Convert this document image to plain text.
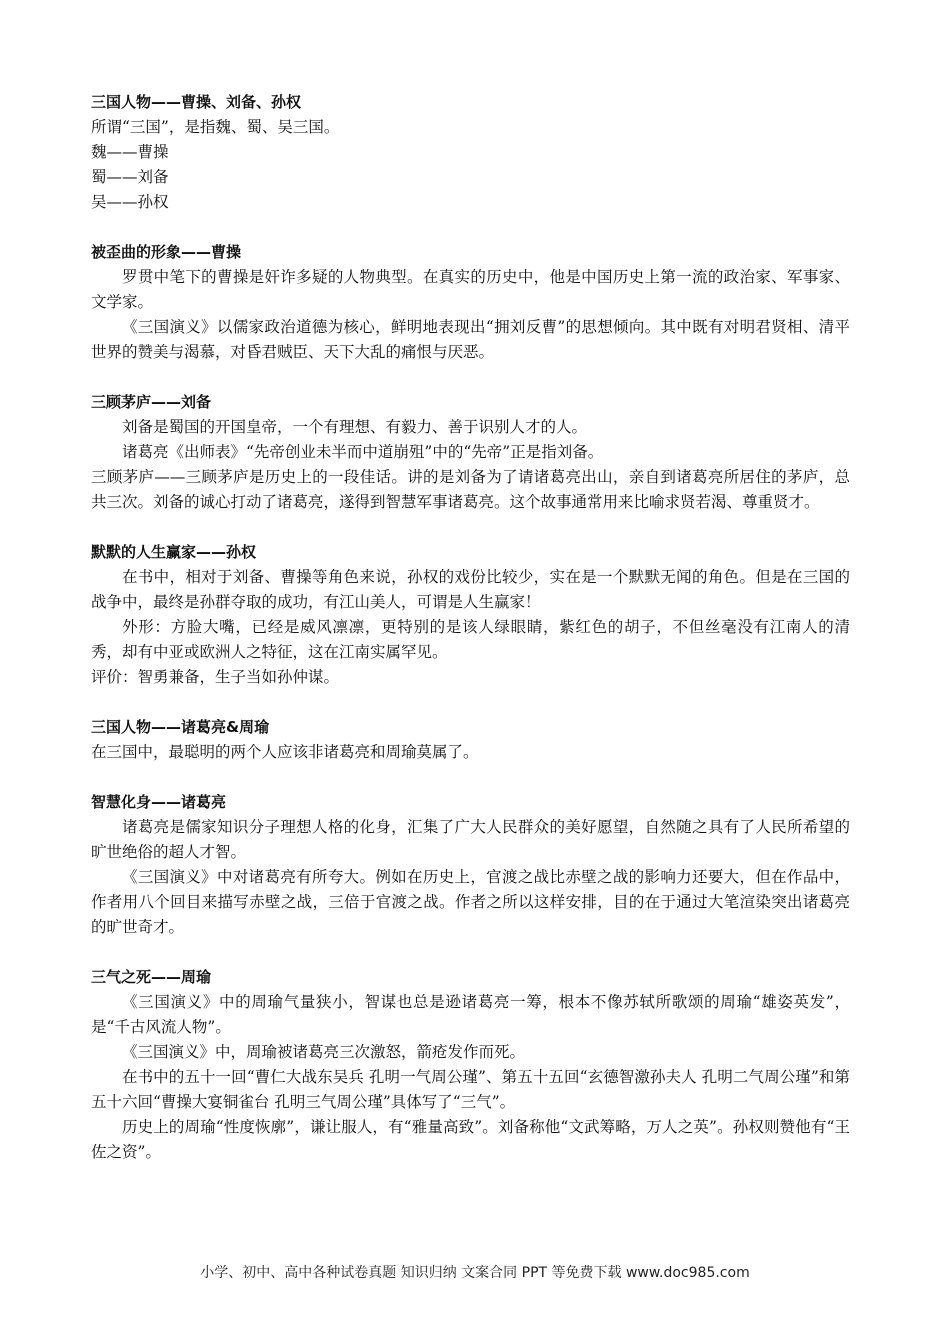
三国人物——曹操、刘备、孙权

所谓“三国”，是指魏、蜀、吴三国。

魏——曹操

蜀——刘备

吴——孙权

被歪曲的形象——曹操

罗贯中笔下的曹操是奸诈多疑的人物典型。在真实的历史中，他是中国历史上第一流的政治家、军事家、文学家。

《三国演义》以儒家政治道德为核心，鲜明地表现出“拥刘反曹”的思想倾向。其中既有对明君贤相、清平世界的赞美与渴慕，对昏君贼臣、天下大乱的痛恨与厌恶。

三顾茅庐——刘备

刘备是蜀国的开国皇帝，一个有理想、有毅力、善于识别人才的人。

诸葛亮《出师表》“先帝创业未半而中道崩殂”中的“先帝”正是指刘备。

三顾茅庐——三顾茅庐是历史上的一段佳话。讲的是刘备为了请诸葛亮出山，亲自到诸葛亮所居住的茅庐，总共三次。刘备的诚心打动了诸葛亮，遂得到智慧军事诸葛亮。这个故事通常用来比喻求贤若渴、尊重贤才。

默默的人生赢家——孙权

在书中，相对于刘备、曹操等角色来说，孙权的戏份比较少，实在是一个默默无闻的角色。但是在三国的战争中，最终是孙群夺取的成功，有江山美人，可谓是人生赢家！

外形：方脸大嘴，已经是威风凛凛，更特别的是该人绿眼睛，紫红色的胡子，不但丝毫没有江南人的清秀，却有中亚或欧洲人之特征，这在江南实属罕见。

评价：智勇兼备，生子当如孙仲谋。

三国人物——诸葛亮&周瑜

在三国中，最聪明的两个人应该非诸葛亮和周瑜莫属了。

智慧化身——诸葛亮

诸葛亮是儒家知识分子理想人格的化身，汇集了广大人民群众的美好愿望，自然随之具有了人民所希望的旷世绝俗的超人才智。

《三国演义》中对诸葛亮有所夸大。例如在历史上，官渡之战比赤壁之战的影响力还要大，但在作品中，作者用八个回目来描写赤壁之战，三倍于官渡之战。作者之所以这样安排，目的在于通过大笔渲染突出诸葛亮的旷世奇才。

三气之死——周瑜

《三国演义》中的周瑜气量狭小，智谋也总是逊诸葛亮一筹，根本不像苏轼所歌颂的周瑜“雄姿英发”，是“千古风流人物”。

《三国演义》中，周瑜被诸葛亮三次激怒，箭疮发作而死。

在书中的五十一回“曹仁大战东吴兵 孔明一气周公瑾”、第五十五回“玄德智激孙夫人 孔明二气周公瑾”和第五十六回“曹操大宴铜雀台 孔明三气周公瑾”具体写了“三气”。

历史上的周瑜“性度恢廓”，谦让服人，有“雅量高致”。刘备称他“文武筹略，万人之英”。孙权则赞他有“王佐之资”。

小学、初中、高中各种试卷真题 知识归纳 文案合同 PPT 等免费下载 www.doc985.com
